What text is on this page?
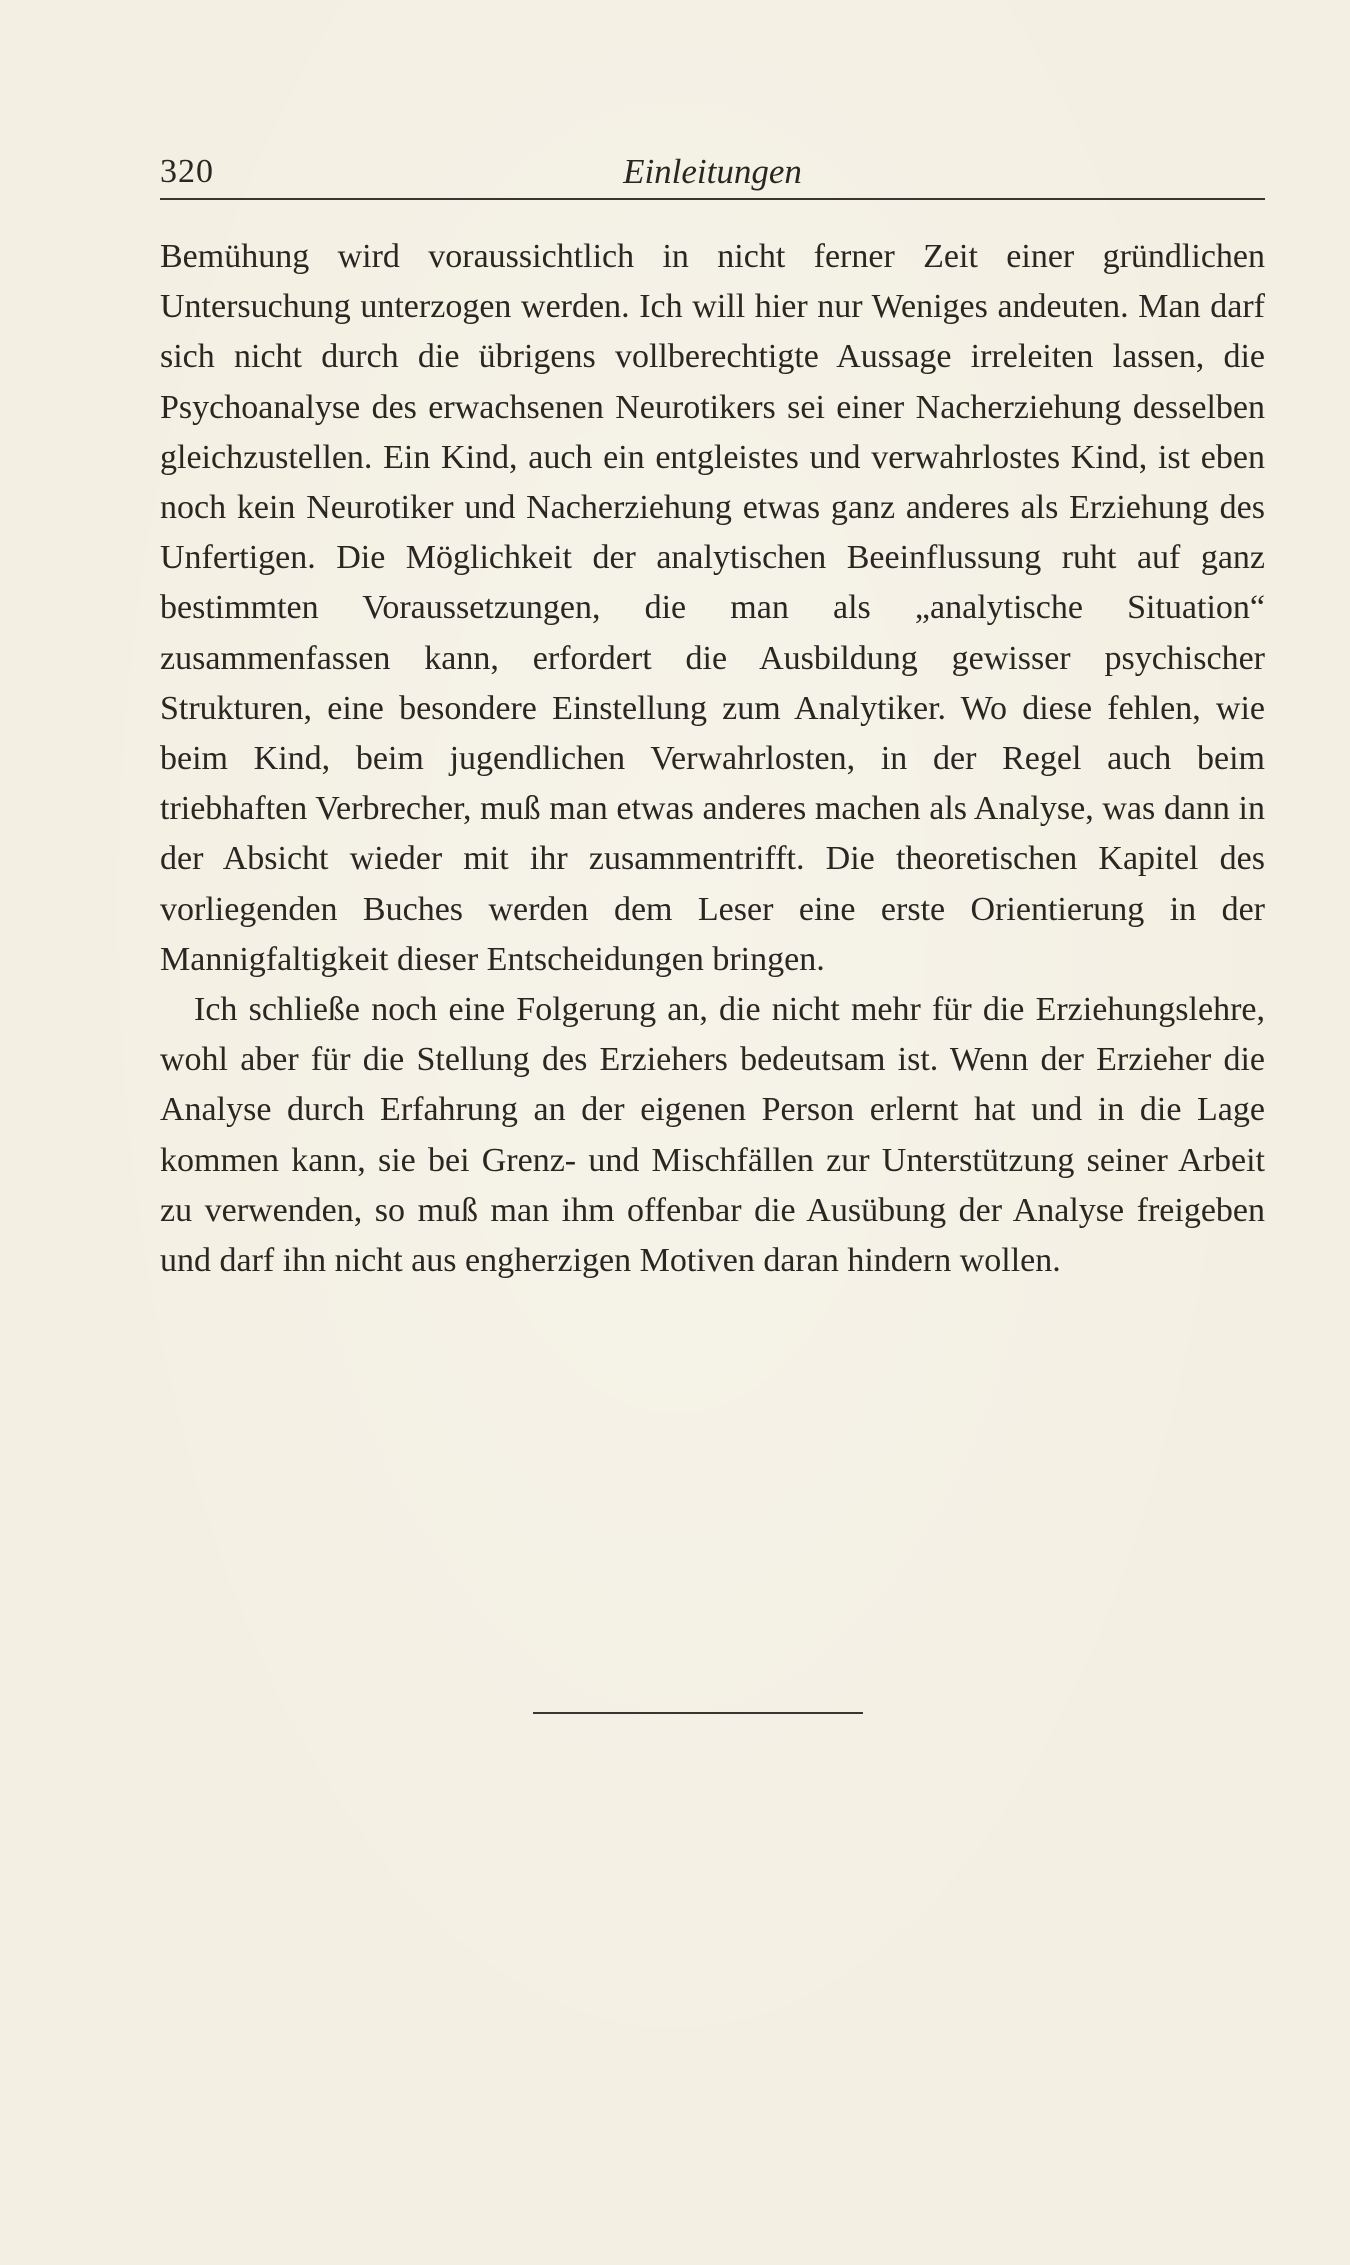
320	Einleitungen

Bemühung wird voraussichtlich in nicht ferner Zeit einer gründlichen Untersuchung unterzogen werden. Ich will hier nur Weniges andeuten. Man darf sich nicht durch die übrigens vollberechtigte Aussage irreleiten lassen, die Psychoanalyse des erwachsenen Neurotikers sei einer Nacherziehung desselben gleichzustellen. Ein Kind, auch ein entgleistes und verwahrlostes Kind, ist eben noch kein Neurotiker und Nacherziehung etwas ganz anderes als Erziehung des Unfertigen. Die Möglichkeit der analytischen Beeinflussung ruht auf ganz bestimmten Voraussetzungen, die man als „analytische Situation“ zusammenfassen kann, erfordert die Ausbildung gewisser psychischer Strukturen, eine besondere Einstellung zum Analytiker. Wo diese fehlen, wie beim Kind, beim jugendlichen Verwahrlosten, in der Regel auch beim triebhaften Verbrecher, muß man etwas anderes machen als Analyse, was dann in der Absicht wieder mit ihr zusammentrifft. Die theoretischen Kapitel des vorliegenden Buches werden dem Leser eine erste Orientierung in der Mannigfaltigkeit dieser Entscheidungen bringen.

Ich schließe noch eine Folgerung an, die nicht mehr für die Erziehungslehre, wohl aber für die Stellung des Erziehers bedeutsam ist. Wenn der Erzieher die Analyse durch Erfahrung an der eigenen Person erlernt hat und in die Lage kommen kann, sie bei Grenz- und Mischfällen zur Unterstützung seiner Arbeit zu verwenden, so muß man ihm offenbar die Ausübung der Analyse freigeben und darf ihn nicht aus engherzigen Motiven daran hindern wollen.
